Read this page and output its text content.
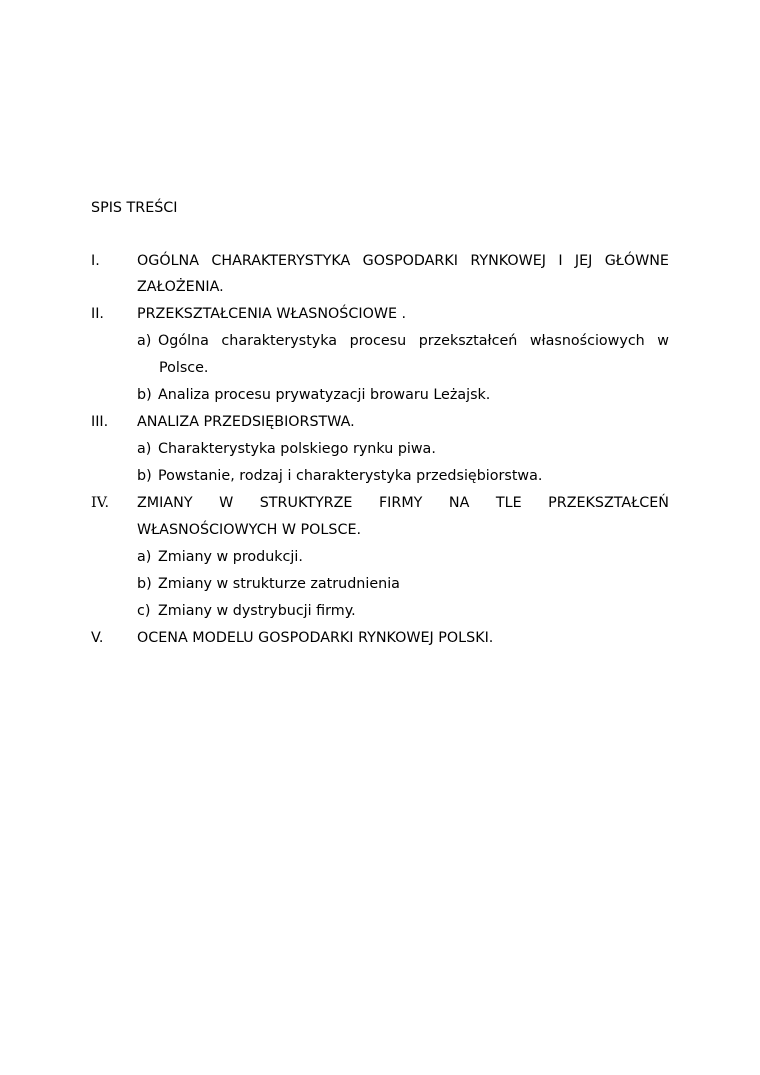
SPIS TREŚCI
I.	OGÓLNA CHARAKTERYSTYKA GOSPODARKI RYNKOWEJ I JEJ GŁÓWNE
ZAŁOŻENIA.
II. PRZEKSZTAŁCENIA WŁASNOŚCIOWE .
a) Ogólna charakterystyka procesu przekształceń własnościowych w
Polsce.
b) Analiza procesu prywatyzacji browaru Leżajsk.
III. ANALIZA PRZEDSIĘBIORSTWA.
a) Charakterystyka polskiego rynku piwa.
b) Powstanie, rodzaj i charakterystyka przedsiębiorstwa.
IV. ZMIANY W STRUKTYRZE FIRMY NA TLE PRZEKSZTAŁCEŃ
WŁASNOŚCIOWYCH W POLSCE.
a) Zmiany w produkcji.
b) Zmiany w strukturze zatrudnienia
c) Zmiany w dystrybucji firmy.
V. OCENA MODELU GOSPODARKI RYNKOWEJ POLSKI.
